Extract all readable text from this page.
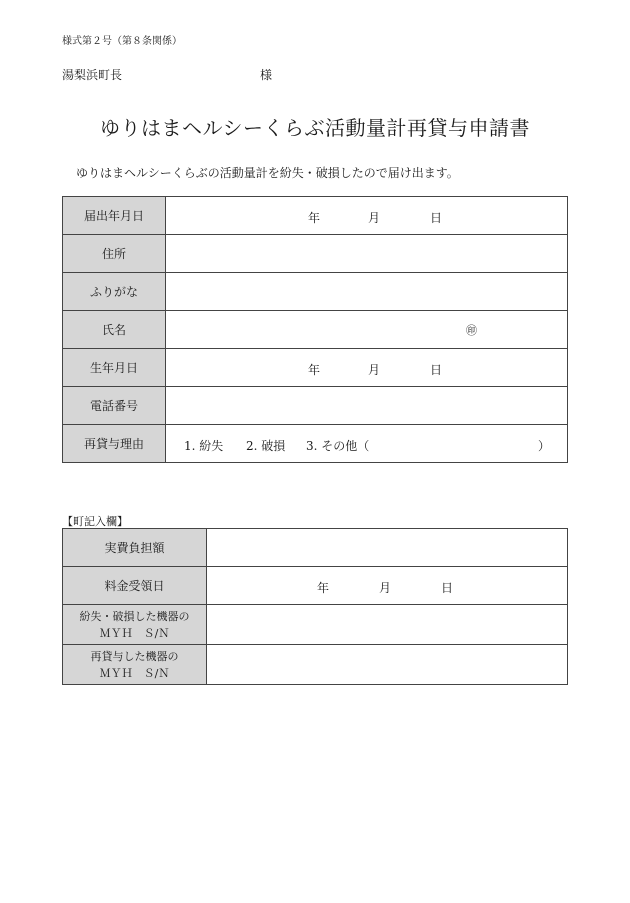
様式第２号（第８条関係）
湯梨浜町長	様
ゆりはまヘルシーくらぶ活動量計再貸与申請書
ゆりはまヘルシーくらぶの活動量計を紛失・破損したので届け出ます。
届出年月日	年 月 日

住所	
ふりがな	
氏名	㊞

生年月日	年 月 日

電話番号	
再貸与理由	1. 紛失 2. 破損 3. その他（ ）
【町記入欄】
実費負担額	
料金受領日	年 月 日

紛失・破損した機器の
ＭＹＨ　Ｓ/Ｎ	

再貸与した機器の
ＭＹＨ　Ｓ/Ｎ	
